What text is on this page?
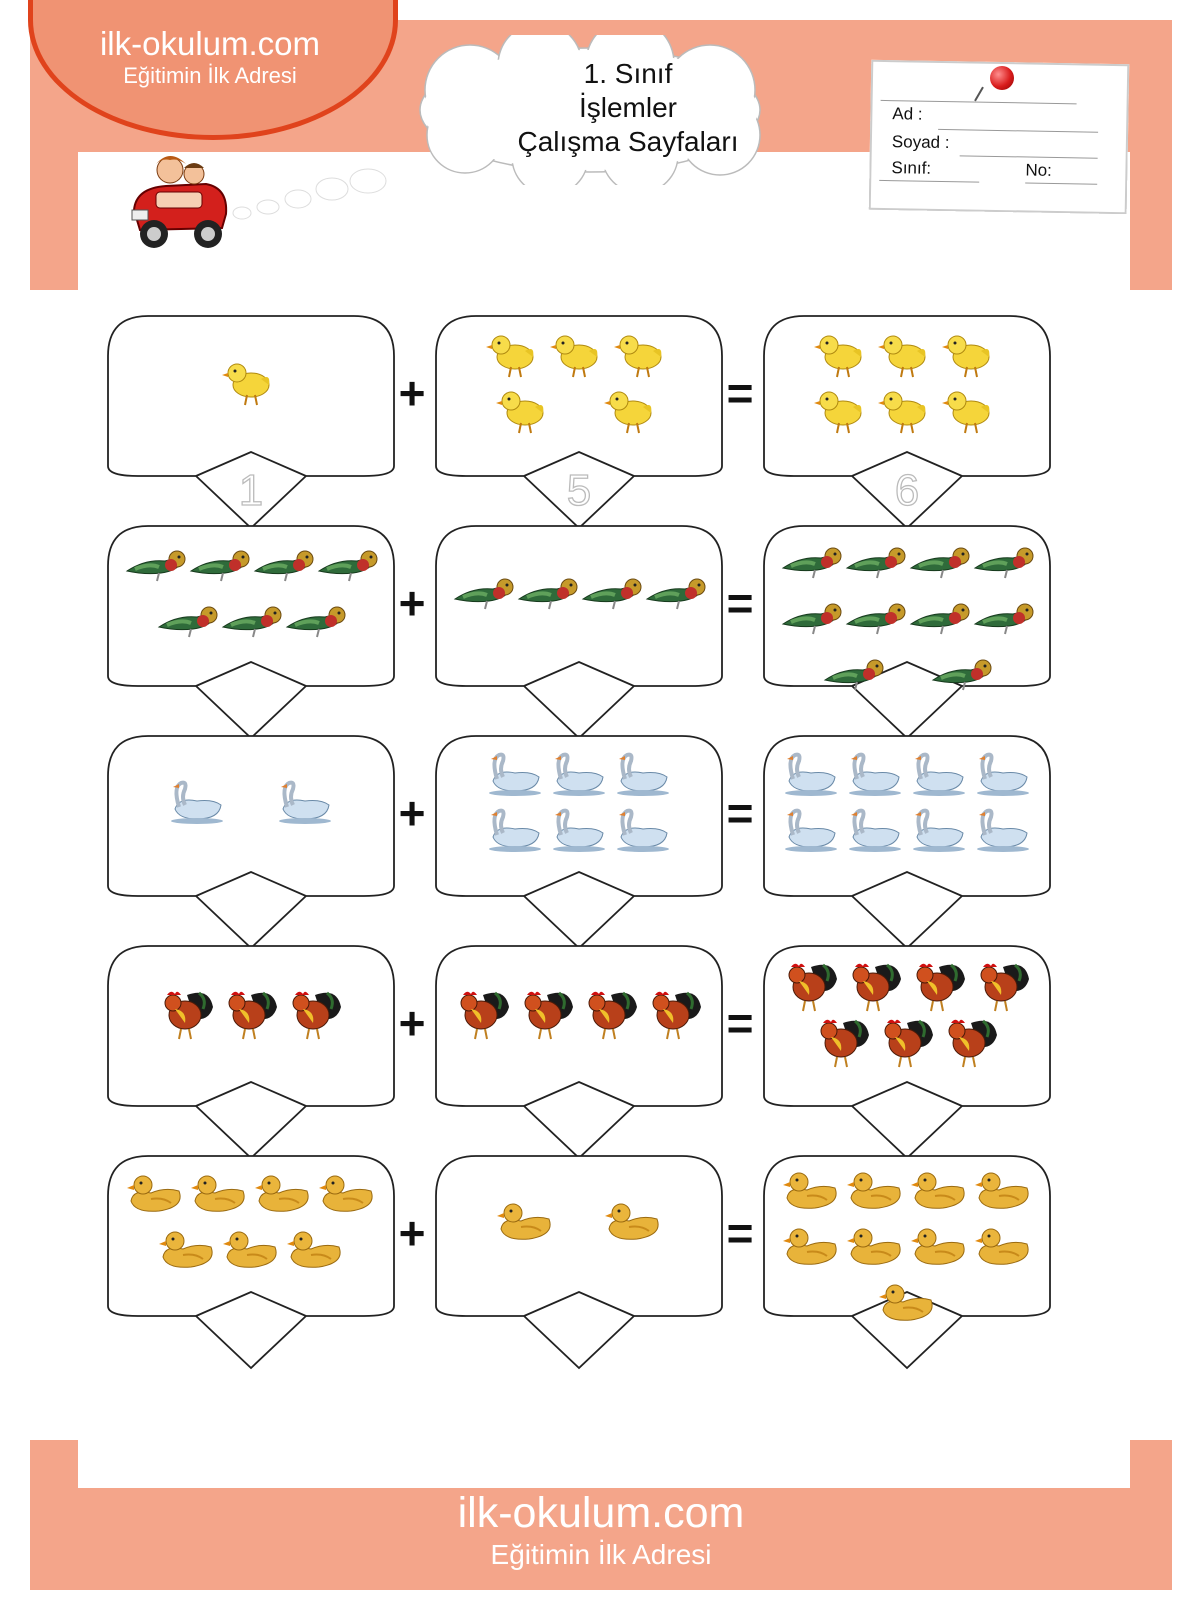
ilk-okulum.com
Eğitimin İlk Adresi	1. Sınıf
İşlemler
Çalışma Sayfaları
Ad :
Soyad :
Sınıf:	No:
1	5	6
+	=
+	=
+	=
+	=
+	=
ilk-okulum.com
Eğitimin İlk Adresi
